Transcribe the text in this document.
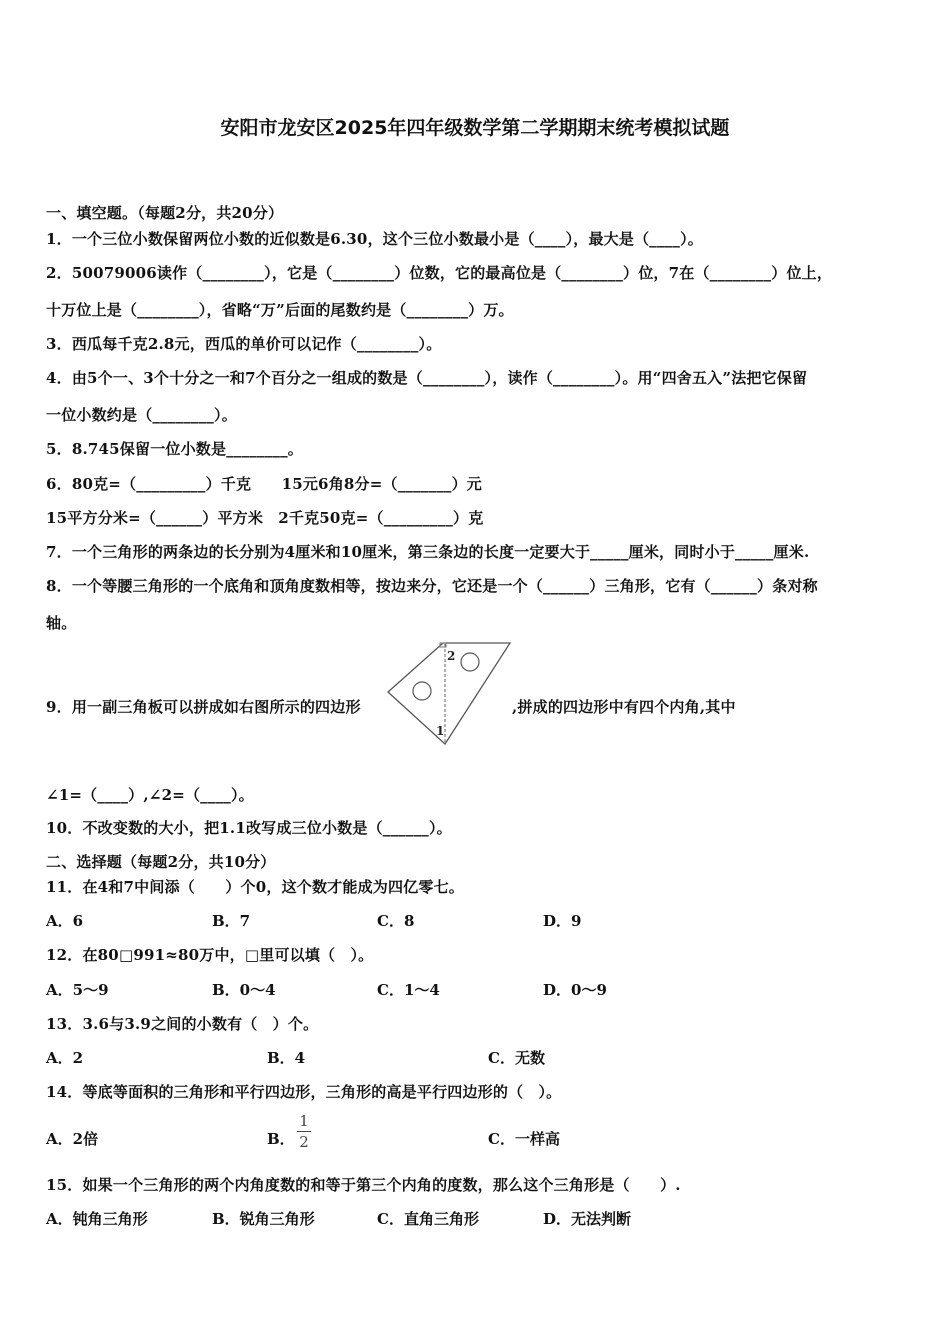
安阳市龙安区2025年四年级数学第二学期期末统考模拟试题
一、填空题。（每题2分，共20分）
1．一个三位小数保留两位小数的近似数是6.30，这个三位小数最小是（____），最大是（____）。
2．50079006读作（________），它是（________）位数，它的最高位是（________）位，7在（________）位上，
十万位上是（________），省略“万”后面的尾数约是（________）万。
3．西瓜每千克2.8元，西瓜的单价可以记作（________）。
4．由5个一、3个十分之一和7个百分之一组成的数是（________），读作（________）。用“四舍五入”法把它保留
一位小数约是（________）。
5．8.745保留一位小数是________。
6．80克=（_________）千克　　15元6角8分=（_______）元
15平方分米=（______）平方米　2千克50克=（_________）克
7．一个三角形的两条边的长分别为4厘米和10厘米，第三条边的长度一定要大于_____厘米，同时小于_____厘米.
8．一个等腰三角形的一个底角和顶角度数相等，按边来分，它还是一个（______）三角形，它有（______）条对称
轴。
9．用一副三角板可以拼成如右图所示的四边形
2
1
,拼成的四边形中有四个内角,其中
∠1=（____）,∠2=（____）。
10．不改变数的大小，把1.1改写成三位小数是（______）。
二、选择题（每题2分，共10分）
11．在4和7中间添（　　）个0，这个数才能成为四亿零七。
A．6	B．7	C．8	D．9
12．在80□991≈80万中，□里可以填（　）。
A．5～9	B．0～4	C．1～4	D．0～9
13．3.6与3.9之间的小数有（　）个。
A．2	B．4	C．无数
14．等底等面积的三角形和平行四边形，三角形的高是平行四边形的（　）。
A．2倍	B．
1
2	C．一样高
15．如果一个三角形的两个内角度数的和等于第三个内角的度数，那么这个三角形是（　　）.
A．钝角三角形	B．锐角三角形	C．直角三角形	D．无法判断
